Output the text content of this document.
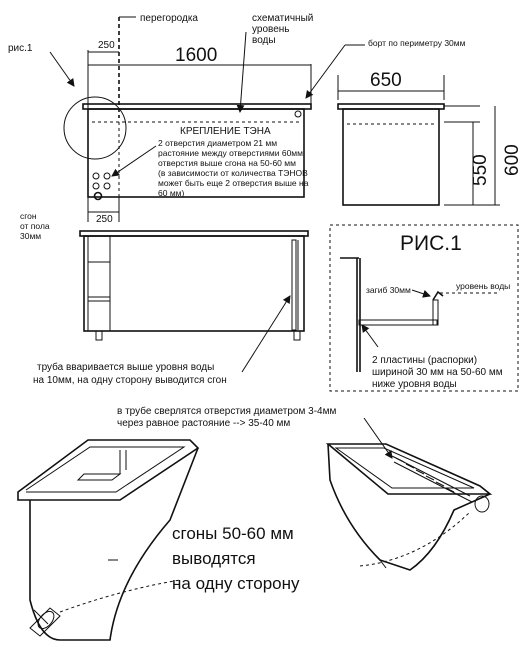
рис.1
перегородка	схематичный
уровень
воды	борт по периметру 30мм
250	1600
250
КРЕПЛЕНИЕ ТЭНА
2 отверстия диаметром 21 мм
растояние между отверстиями 60мм
отверстия выше сгона на 50-60 мм
(в зависимости от количества ТЭНОВ
может быть еще 2 отверстия выше на
60 мм)
сгон
от пола
30мм
650
550 600
труба вваривается выше уровня воды
на 10мм, на одну сторону выводится сгон
РИС.1
загиб 30мм	уровень воды
2 пластины (распорки)
шириной 30 мм на 50-60 мм
ниже уровня воды
в трубе сверлятся отверстия диаметром 3-4мм
через равное растояние --> 35-40 мм
сгоны 50-60 мм
выводятся
на одну сторону
